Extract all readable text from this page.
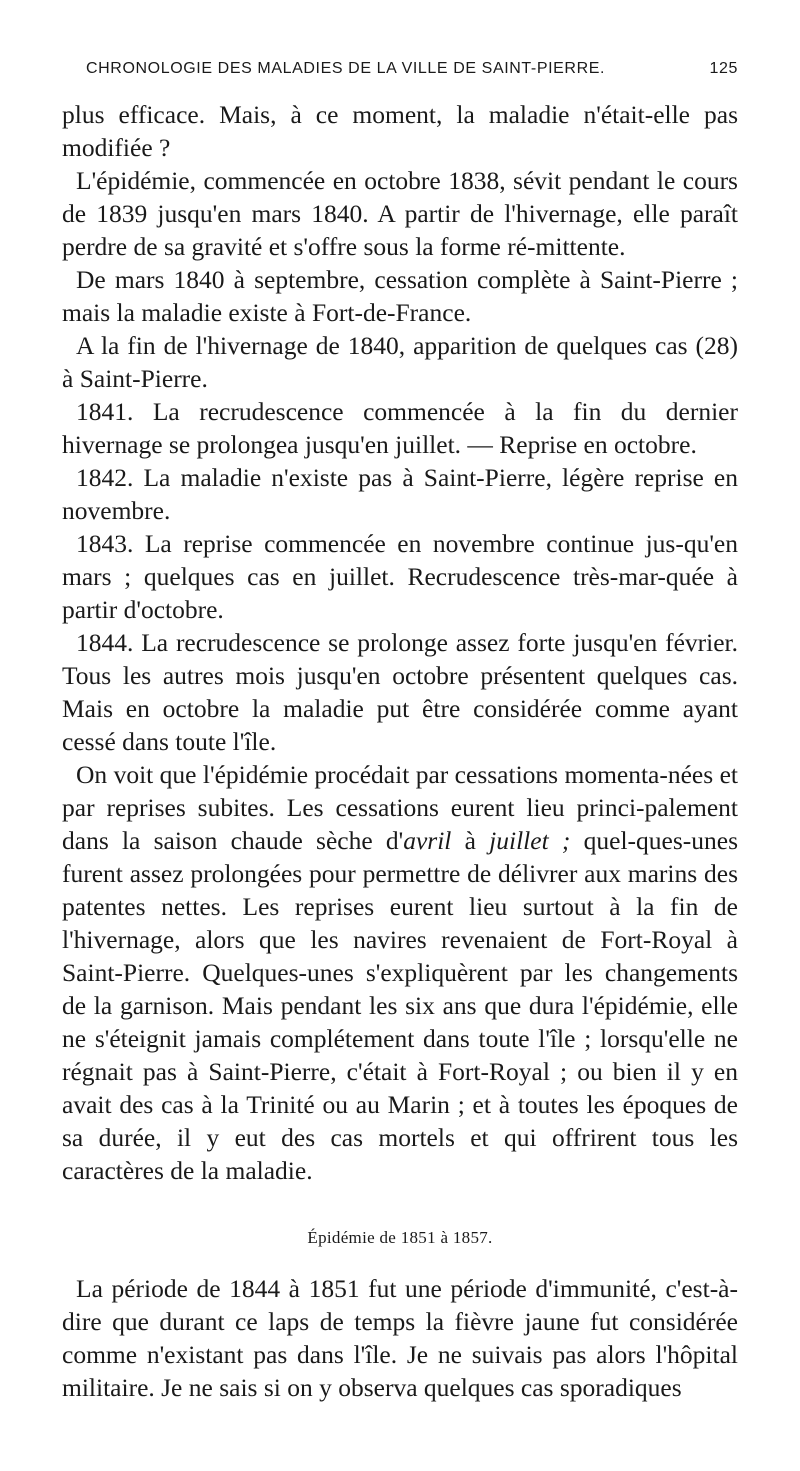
CHRONOLOGIE DES MALADIES DE LA VILLE DE SAINT-PIERRE.	125

plus efficace. Mais, à ce moment, la maladie n'était-elle pas modifiée ?

L'épidémie, commencée en octobre 1838, sévit pendant le cours de 1839 jusqu'en mars 1840. A partir de l'hivernage, elle paraît perdre de sa gravité et s'offre sous la forme ré-mittente.

De mars 1840 à septembre, cessation complète à Saint-Pierre ; mais la maladie existe à Fort-de-France.

A la fin de l'hivernage de 1840, apparition de quelques cas (28) à Saint-Pierre.

1841. La recrudescence commencée à la fin du dernier hivernage se prolongea jusqu'en juillet. — Reprise en octobre.

1842. La maladie n'existe pas à Saint-Pierre, légère reprise en novembre.

1843. La reprise commencée en novembre continue jus-qu'en mars ; quelques cas en juillet. Recrudescence très-mar-quée à partir d'octobre.

1844. La recrudescence se prolonge assez forte jusqu'en février. Tous les autres mois jusqu'en octobre présentent quelques cas. Mais en octobre la maladie put être considérée comme ayant cessé dans toute l'île.

On voit que l'épidémie procédait par cessations momenta-nées et par reprises subites. Les cessations eurent lieu princi-palement dans la saison chaude sèche d'avril à juillet ; quel-ques-unes furent assez prolongées pour permettre de délivrer aux marins des patentes nettes. Les reprises eurent lieu surtout à la fin de l'hivernage, alors que les navires revenaient de Fort-Royal à Saint-Pierre. Quelques-unes s'expliquèrent par les changements de la garnison. Mais pendant les six ans que dura l'épidémie, elle ne s'éteignit jamais complétement dans toute l'île ; lorsqu'elle ne régnait pas à Saint-Pierre, c'était à Fort-Royal ; ou bien il y en avait des cas à la Trinité ou au Marin ; et à toutes les époques de sa durée, il y eut des cas mortels et qui offrirent tous les caractères de la maladie.

Épidémie de 1851 à 1857.

La période de 1844 à 1851 fut une période d'immunité, c'est-à-dire que durant ce laps de temps la fièvre jaune fut considérée comme n'existant pas dans l'île. Je ne suivais pas alors l'hôpital militaire. Je ne sais si on y observa quelques cas sporadiques
